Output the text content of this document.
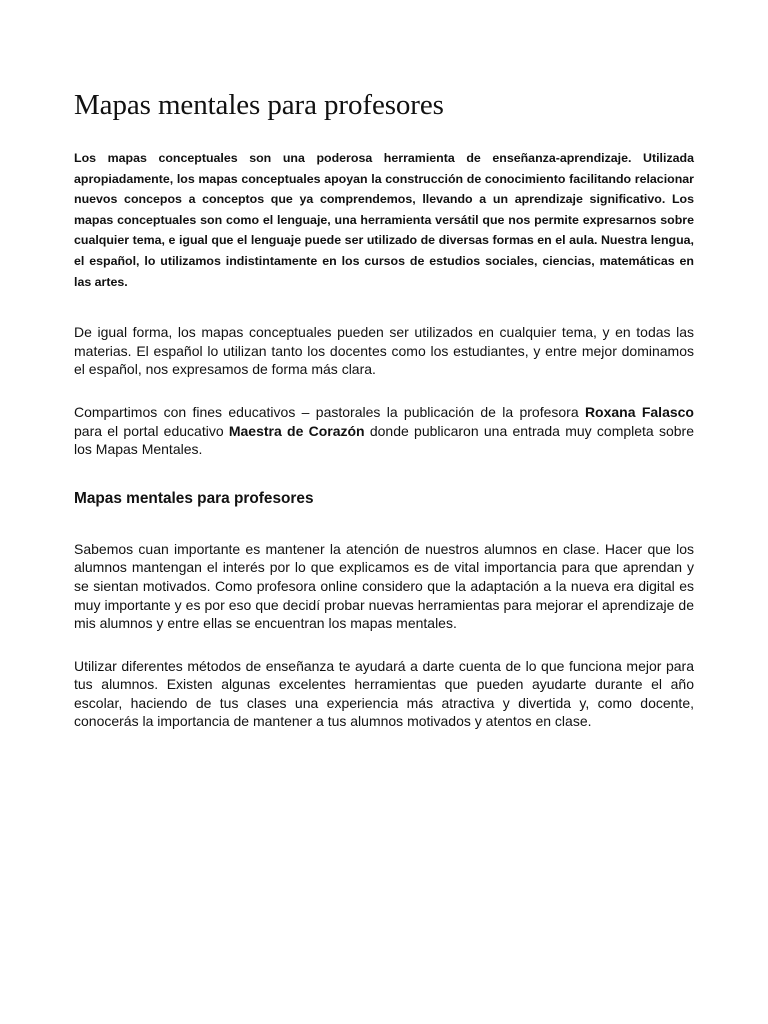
Mapas mentales para profesores

Los mapas conceptuales son una poderosa herramienta de enseñanza-aprendizaje. Utilizada apropiadamente, los mapas conceptuales apoyan la construcción de conocimiento facilitando relacionar nuevos concepos a conceptos que ya comprendemos, llevando a un aprendizaje significativo. Los mapas conceptuales son como el lenguaje, una herramienta versátil que nos permite expresarnos sobre cualquier tema, e igual que el lenguaje puede ser utilizado de diversas formas en el aula. Nuestra lengua, el español, lo utilizamos indistintamente en los cursos de estudios sociales, ciencias, matemáticas en las artes.

De igual forma, los mapas conceptuales pueden ser utilizados en cualquier tema, y en todas las materias. El español lo utilizan tanto los docentes como los estudiantes, y entre mejor dominamos el español, nos expresamos de forma más clara.

Compartimos con fines educativos – pastorales la publicación de la profesora Roxana Falasco para el portal educativo Maestra de Corazón donde publicaron una entrada muy completa sobre los Mapas Mentales.

Mapas mentales para profesores

Sabemos cuan importante es mantener la atención de nuestros alumnos en clase. Hacer que los alumnos mantengan el interés por lo que explicamos es de vital importancia para que aprendan y se sientan motivados. Como profesora online considero que la adaptación a la nueva era digital es muy importante y es por eso que decidí probar nuevas herramientas para mejorar el aprendizaje de mis alumnos y entre ellas se encuentran los mapas mentales.

Utilizar diferentes métodos de enseñanza te ayudará a darte cuenta de lo que funciona mejor para tus alumnos. Existen algunas excelentes herramientas que pueden ayudarte durante el año escolar, haciendo de tus clases una experiencia más atractiva y divertida y, como docente, conocerás la importancia de mantener a tus alumnos motivados y atentos en clase.
